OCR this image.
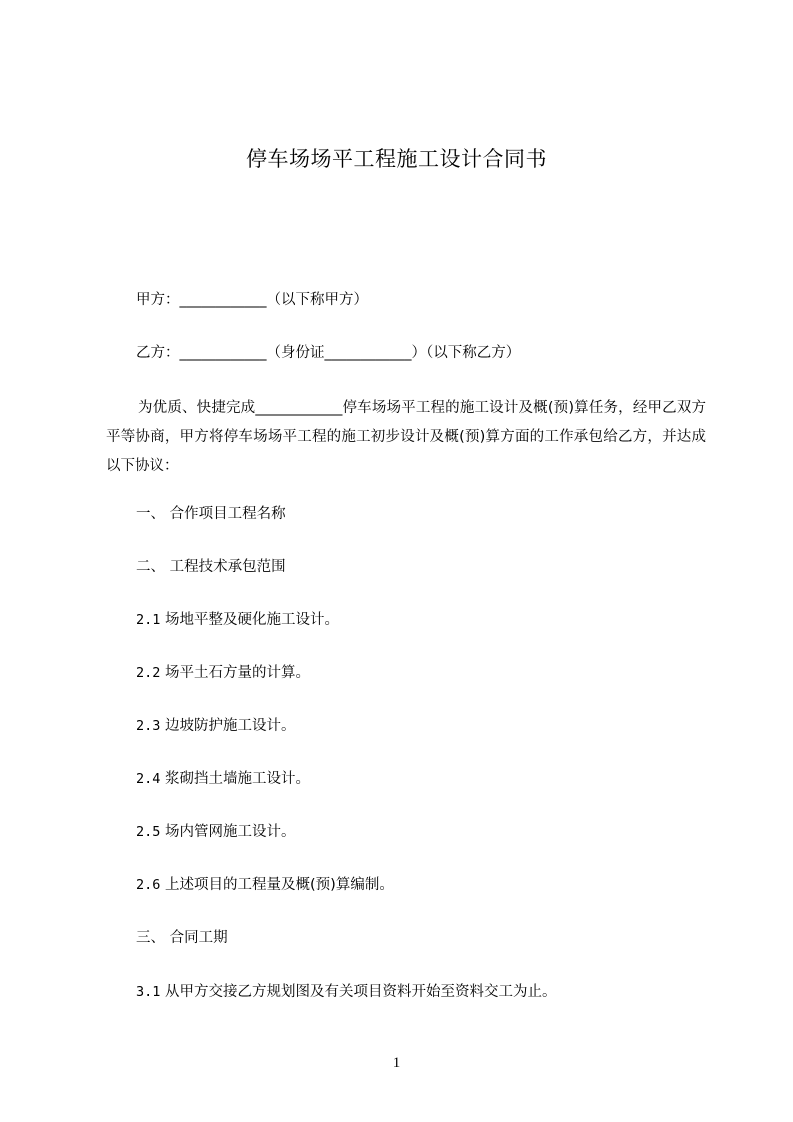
停车场场平工程施工设计合同书
甲方：____________（以下称甲方）
乙方：____________（身份证____________）（以下称乙方）
为优质、快捷完成____________停车场场平工程的施工设计及概(预)算任务，经甲乙双方平等协商，甲方将停车场场平工程的施工初步设计及概(预)算方面的工作承包给乙方，并达成以下协议：
一、 合作项目工程名称
二、 工程技术承包范围
2.1 场地平整及硬化施工设计。
2.2 场平土石方量的计算。
2.3 边坡防护施工设计。
2.4 浆砌挡土墙施工设计。
2.5 场内管网施工设计。
2.6 上述项目的工程量及概(预)算编制。
三、 合同工期
3.1 从甲方交接乙方规划图及有关项目资料开始至资料交工为止。
1
